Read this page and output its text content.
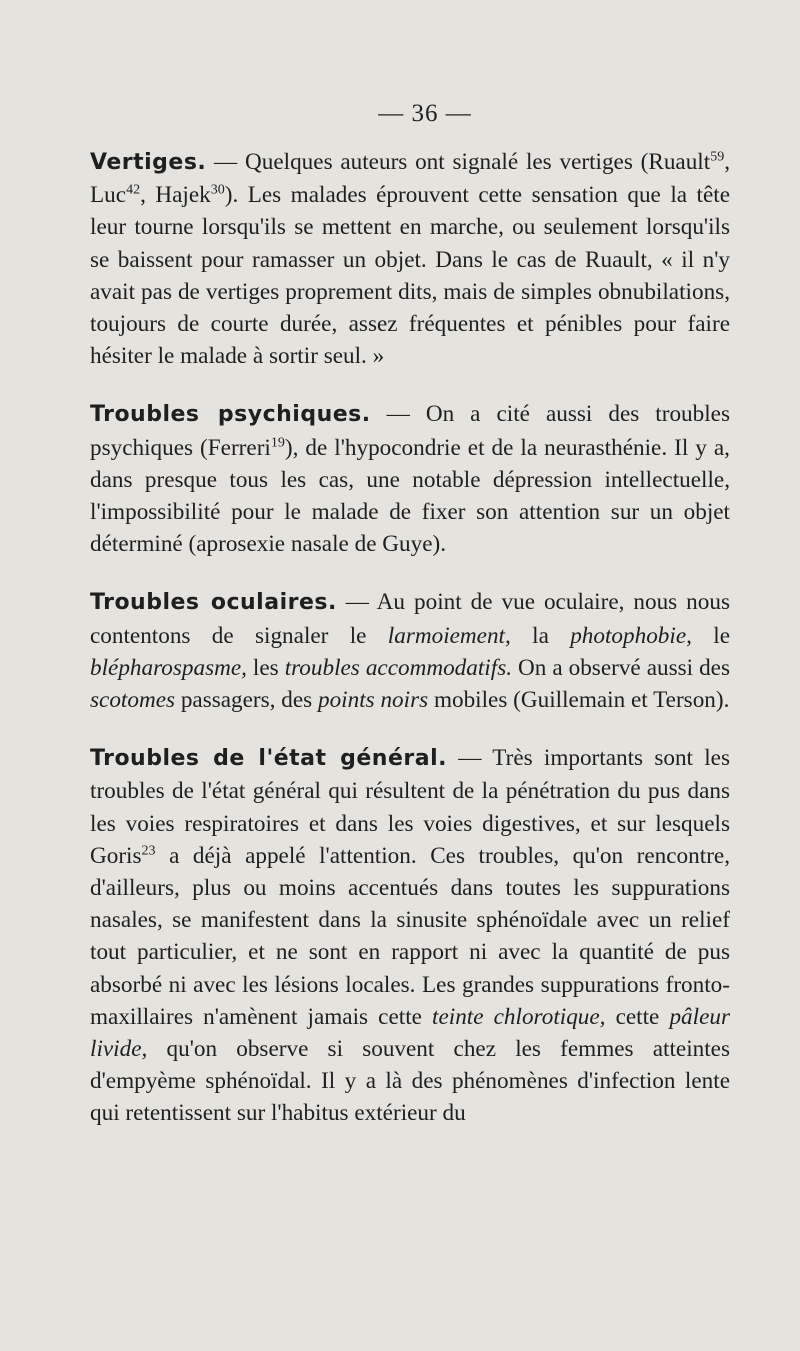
— 36 —

Vertiges. — Quelques auteurs ont signalé les vertiges (Ruault$^{59}$, Luc$^{42}$, Hajek$^{30}$). Les malades éprouvent cette sensation que la tête leur tourne lorsqu'ils se mettent en marche, ou seulement lorsqu'ils se baissent pour ramasser un objet. Dans le cas de Ruault, « il n'y avait pas de vertiges proprement dits, mais de simples obnubilations, toujours de courte durée, assez fréquentes et pénibles pour faire hésiter le malade à sortir seul. »

Troubles psychiques. — On a cité aussi des troubles psychiques (Ferreri$^{19}$), de l'hypocondrie et de la neurasthénie. Il y a, dans presque tous les cas, une notable dépression intellectuelle, l'impossibilité pour le malade de fixer son attention sur un objet déterminé (aprosexie nasale de Guye).

Troubles oculaires. — Au point de vue oculaire, nous nous contentons de signaler le larmoiement, la photophobie, le blépharospasme, les troubles accommodatifs. On a observé aussi des scotomes passagers, des points noirs mobiles (Guillemain et Terson).

Troubles de l'état général. — Très importants sont les troubles de l'état général qui résultent de la pénétration du pus dans les voies respiratoires et dans les voies digestives, et sur lesquels Goris$^{23}$ a déjà appelé l'attention. Ces troubles, qu'on rencontre, d'ailleurs, plus ou moins accentués dans toutes les suppurations nasales, se manifestent dans la sinusite sphénoïdale avec un relief tout particulier, et ne sont en rapport ni avec la quantité de pus absorbé ni avec les lésions locales. Les grandes suppurations fronto-maxillaires n'amènent jamais cette teinte chlorotique, cette pâleur livide, qu'on observe si souvent chez les femmes atteintes d'empyème sphénoïdal. Il y a là des phénomènes d'infection lente qui retentissent sur l'habitus extérieur du
